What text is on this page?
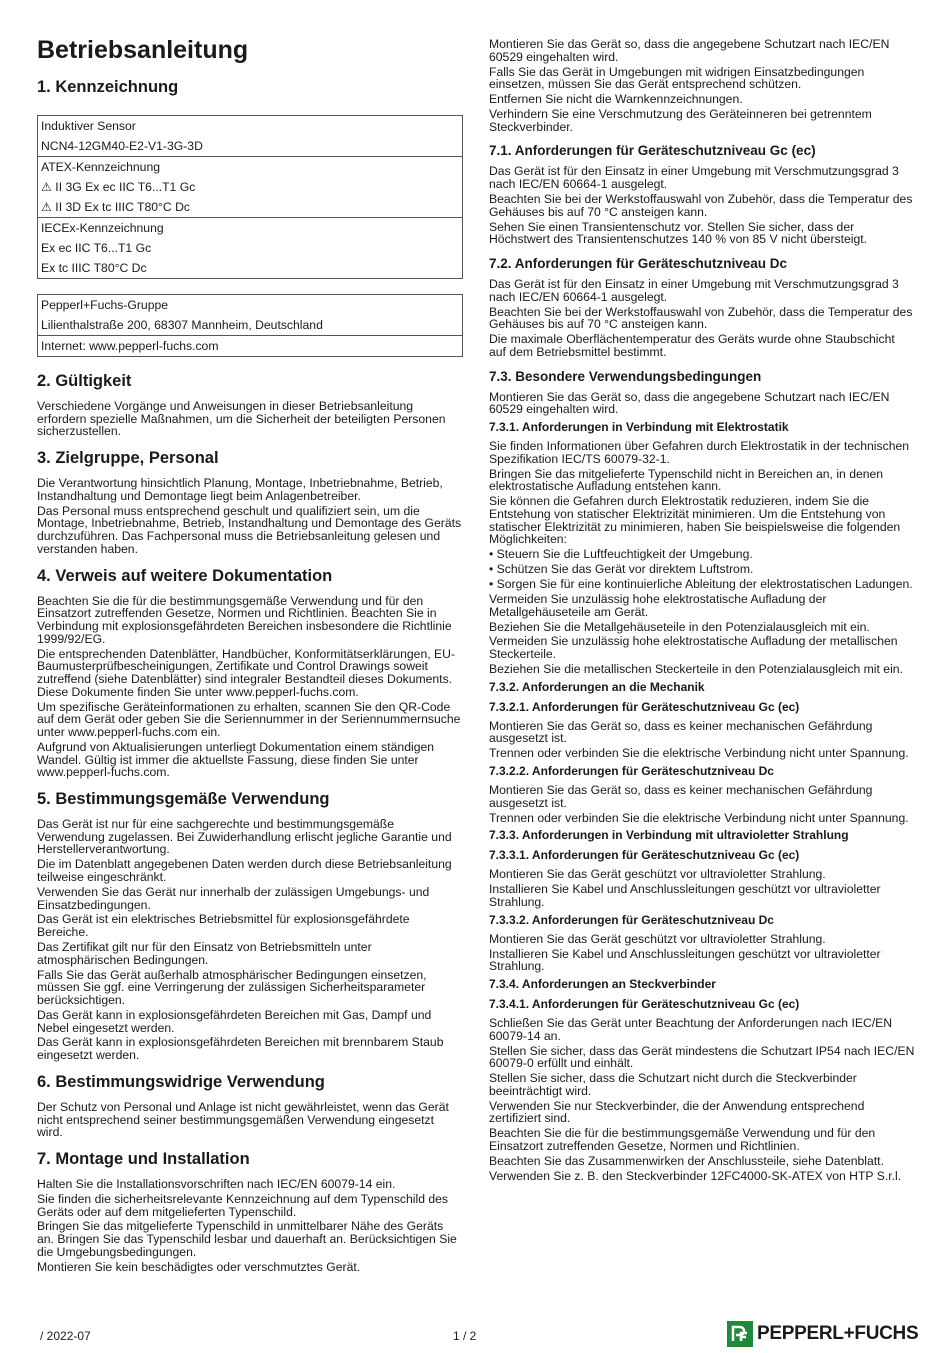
Betriebsanleitung
1. Kennzeichnung
Induktiver Sensor
NCN4-12GM40-E2-V1-3G-3D
ATEX-Kennzeichnung
⚠ II 3G Ex ec IIC T6...T1 Gc
⚠ II 3D Ex tc IIIC T80°C Dc
IECEx-Kennzeichnung
Ex ec IIC T6...T1 Gc
Ex tc IIIC T80°C Dc
Pepperl+Fuchs-Gruppe
Lilienthalstraße 200, 68307 Mannheim, Deutschland
Internet: www.pepperl-fuchs.com
2. Gültigkeit

Verschiedene Vorgänge und Anweisungen in dieser Betriebsanleitung erfordern spezielle Maßnahmen, um die Sicherheit der beteiligten Personen sicherzustellen.

3. Zielgruppe, Personal

Die Verantwortung hinsichtlich Planung, Montage, Inbetriebnahme, Betrieb, Instandhaltung und Demontage liegt beim Anlagenbetreiber.

Das Personal muss entsprechend geschult und qualifiziert sein, um die Montage, Inbetriebnahme, Betrieb, Instandhaltung und Demontage des Geräts durchzuführen. Das Fachpersonal muss die Betriebsanleitung gelesen und verstanden haben.

4. Verweis auf weitere Dokumentation

Beachten Sie die für die bestimmungsgemäße Verwendung und für den Einsatzort zutreffenden Gesetze, Normen und Richtlinien. Beachten Sie in Verbindung mit explosionsgefährdeten Bereichen insbesondere die Richtlinie 1999/92/EG.

Die entsprechenden Datenblätter, Handbücher, Konformitätserklärungen, EU-Baumusterprüfbescheinigungen, Zertifikate und Control Drawings soweit zutreffend (siehe Datenblätter) sind integraler Bestandteil dieses Dokuments. Diese Dokumente finden Sie unter www.pepperl-fuchs.com.

Um spezifische Geräteinformationen zu erhalten, scannen Sie den QR-Code auf dem Gerät oder geben Sie die Seriennummer in der Seriennummernsuche unter www.pepperl-fuchs.com ein.

Aufgrund von Aktualisierungen unterliegt Dokumentation einem ständigen Wandel. Gültig ist immer die aktuellste Fassung, diese finden Sie unter www.pepperl-fuchs.com.

5. Bestimmungsgemäße Verwendung

Das Gerät ist nur für eine sachgerechte und bestimmungsgemäße Verwendung zugelassen. Bei Zuwiderhandlung erlischt jegliche Garantie und Herstellerverantwortung.

Die im Datenblatt angegebenen Daten werden durch diese Betriebsanleitung teilweise eingeschränkt.

Verwenden Sie das Gerät nur innerhalb der zulässigen Umgebungs- und Einsatzbedingungen.

Das Gerät ist ein elektrisches Betriebsmittel für explosionsgefährdete Bereiche.

Das Zertifikat gilt nur für den Einsatz von Betriebsmitteln unter atmosphärischen Bedingungen.

Falls Sie das Gerät außerhalb atmosphärischer Bedingungen einsetzen, müssen Sie ggf. eine Verringerung der zulässigen Sicherheitsparameter berücksichtigen.

Das Gerät kann in explosionsgefährdeten Bereichen mit Gas, Dampf und Nebel eingesetzt werden.

Das Gerät kann in explosionsgefährdeten Bereichen mit brennbarem Staub eingesetzt werden.

6. Bestimmungswidrige Verwendung

Der Schutz von Personal und Anlage ist nicht gewährleistet, wenn das Gerät nicht entsprechend seiner bestimmungsgemäßen Verwendung eingesetzt wird.

7. Montage und Installation

Halten Sie die Installationsvorschriften nach IEC/EN 60079-14 ein.

Sie finden die sicherheitsrelevante Kennzeichnung auf dem Typenschild des Geräts oder auf dem mitgelieferten Typenschild.

Bringen Sie das mitgelieferte Typenschild in unmittelbarer Nähe des Geräts an. Bringen Sie das Typenschild lesbar und dauerhaft an. Berücksichtigen Sie die Umgebungsbedingungen.

Montieren Sie kein beschädigtes oder verschmutztes Gerät.

Montieren Sie das Gerät so, dass die angegebene Schutzart nach IEC/EN 60529 eingehalten wird.

Falls Sie das Gerät in Umgebungen mit widrigen Einsatzbedingungen einsetzen, müssen Sie das Gerät entsprechend schützen.

Entfernen Sie nicht die Warnkennzeichnungen.

Verhindern Sie eine Verschmutzung des Geräteinneren bei getrenntem Steckverbinder.

7.1. Anforderungen für Geräteschutzniveau Gc (ec)

Das Gerät ist für den Einsatz in einer Umgebung mit Verschmutzungsgrad 3 nach IEC/EN 60664-1 ausgelegt.

Beachten Sie bei der Werkstoffauswahl von Zubehör, dass die Temperatur des Gehäuses bis auf 70 °C ansteigen kann.

Sehen Sie einen Transientenschutz vor. Stellen Sie sicher, dass der Höchstwert des Transientenschutzes 140 % von 85 V nicht übersteigt.

7.2. Anforderungen für Geräteschutzniveau Dc

Das Gerät ist für den Einsatz in einer Umgebung mit Verschmutzungsgrad 3 nach IEC/EN 60664-1 ausgelegt.

Beachten Sie bei der Werkstoffauswahl von Zubehör, dass die Temperatur des Gehäuses bis auf 70 °C ansteigen kann.

Die maximale Oberflächentemperatur des Geräts wurde ohne Staubschicht auf dem Betriebsmittel bestimmt.

7.3. Besondere Verwendungsbedingungen

Montieren Sie das Gerät so, dass die angegebene Schutzart nach IEC/EN 60529 eingehalten wird.

7.3.1. Anforderungen in Verbindung mit Elektrostatik

Sie finden Informationen über Gefahren durch Elektrostatik in der technischen Spezifikation IEC/TS 60079-32-1.

Bringen Sie das mitgelieferte Typenschild nicht in Bereichen an, in denen elektrostatische Aufladung entstehen kann.

Sie können die Gefahren durch Elektrostatik reduzieren, indem Sie die Entstehung von statischer Elektrizität minimieren. Um die Entstehung von statischer Elektrizität zu minimieren, haben Sie beispielsweise die folgenden Möglichkeiten:

• Steuern Sie die Luftfeuchtigkeit der Umgebung.

• Schützen Sie das Gerät vor direktem Luftstrom.

• Sorgen Sie für eine kontinuierliche Ableitung der elektrostatischen Ladungen.

Vermeiden Sie unzulässig hohe elektrostatische Aufladung der Metallgehäuseteile am Gerät.

Beziehen Sie die Metallgehäuseteile in den Potenzialausgleich mit ein.

Vermeiden Sie unzulässig hohe elektrostatische Aufladung der metallischen Steckerteile.

Beziehen Sie die metallischen Steckerteile in den Potenzialausgleich mit ein.

7.3.2. Anforderungen an die Mechanik
7.3.2.1. Anforderungen für Geräteschutzniveau Gc (ec)

Montieren Sie das Gerät so, dass es keiner mechanischen Gefährdung ausgesetzt ist.

Trennen oder verbinden Sie die elektrische Verbindung nicht unter Spannung.

7.3.2.2. Anforderungen für Geräteschutzniveau Dc

Montieren Sie das Gerät so, dass es keiner mechanischen Gefährdung ausgesetzt ist.

Trennen oder verbinden Sie die elektrische Verbindung nicht unter Spannung.

7.3.3. Anforderungen in Verbindung mit ultravioletter Strahlung
7.3.3.1. Anforderungen für Geräteschutzniveau Gc (ec)

Montieren Sie das Gerät geschützt vor ultravioletter Strahlung.

Installieren Sie Kabel und Anschlussleitungen geschützt vor ultravioletter Strahlung.

7.3.3.2. Anforderungen für Geräteschutzniveau Dc

Montieren Sie das Gerät geschützt vor ultravioletter Strahlung.

Installieren Sie Kabel und Anschlussleitungen geschützt vor ultravioletter Strahlung.

7.3.4. Anforderungen an Steckverbinder
7.3.4.1. Anforderungen für Geräteschutzniveau Gc (ec)

Schließen Sie das Gerät unter Beachtung der Anforderungen nach IEC/EN 60079-14 an.

Stellen Sie sicher, dass das Gerät mindestens die Schutzart IP54 nach IEC/EN 60079-0 erfüllt und einhält.

Stellen Sie sicher, dass die Schutzart nicht durch die Steckverbinder beeinträchtigt wird.

Verwenden Sie nur Steckverbinder, die der Anwendung entsprechend zertifiziert sind.

Beachten Sie die für die bestimmungsgemäße Verwendung und für den Einsatzort zutreffenden Gesetze, Normen und Richtlinien.

Beachten Sie das Zusammenwirken der Anschlussteile, siehe Datenblatt.

Verwenden Sie z. B. den Steckverbinder 12FC4000-SK-ATEX von HTP S.r.l.

/ 2022-07	1 / 2	PEPPERL+FUCHS
